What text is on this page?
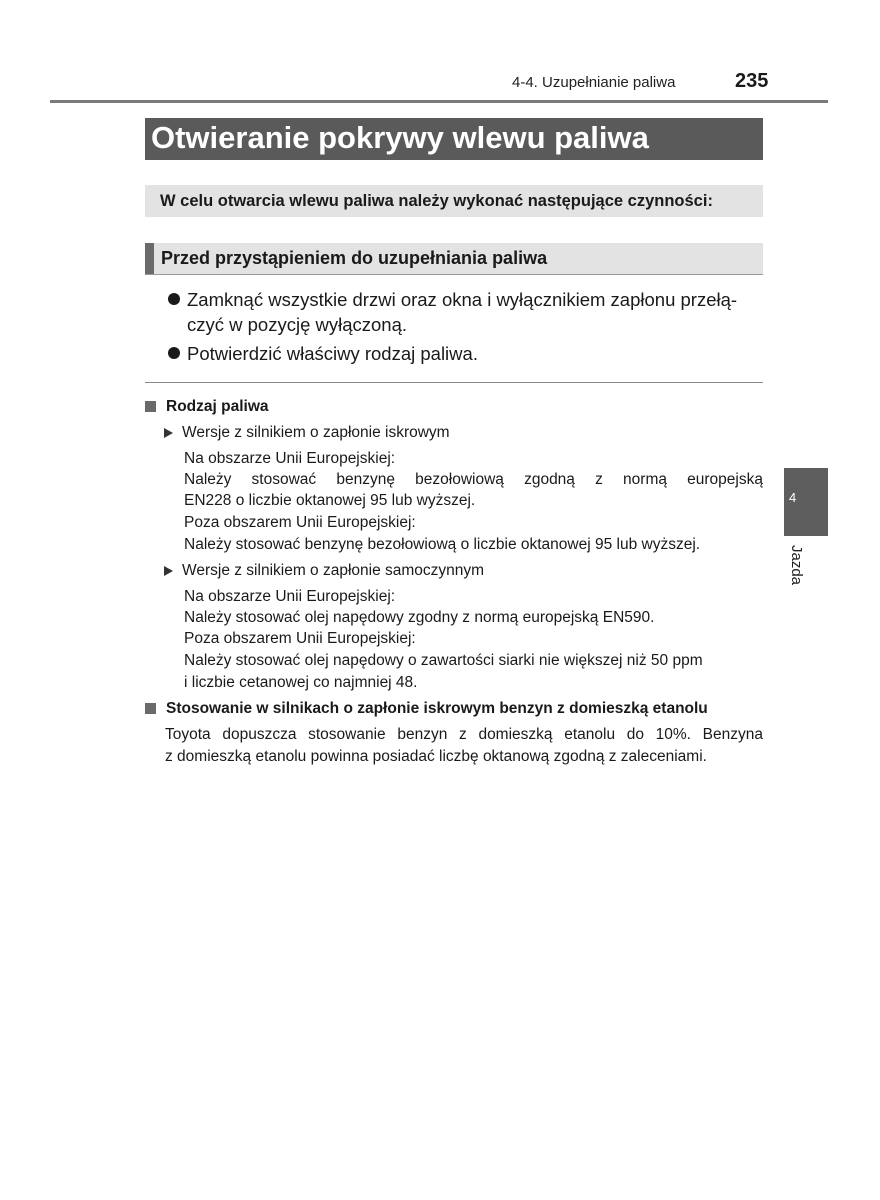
4-4. Uzupełnianie paliwa	235
Otwieranie pokrywy wlewu paliwa
W celu otwarcia wlewu paliwa należy wykonać następujące czynności:
Przed przystąpieniem do uzupełniania paliwa
Zamknąć wszystkie drzwi oraz okna i wyłącznikiem zapłonu przełą-
czyć w pozycję wyłączoną.
Potwierdzić właściwy rodzaj paliwa.
Rodzaj paliwa
Wersje z silnikiem o zapłonie iskrowym
Na obszarze Unii Europejskiej:
Należy stosować benzynę bezołowiową zgodną z normą europejską
EN228 o liczbie oktanowej 95 lub wyższej.
Poza obszarem Unii Europejskiej:
Należy stosować benzynę bezołowiową o liczbie oktanowej 95 lub wyższej.
Wersje z silnikiem o zapłonie samoczynnym
Na obszarze Unii Europejskiej:
Należy stosować olej napędowy zgodny z normą europejską EN590.
Poza obszarem Unii Europejskiej:
Należy stosować olej napędowy o zawartości siarki nie większej niż 50 ppm
i liczbie cetanowej co najmniej 48.
Stosowanie w silnikach o zapłonie iskrowym benzyn z domieszką etanolu
Toyota dopuszcza stosowanie benzyn z domieszką etanolu do 10%. Benzyna
z domieszką etanolu powinna posiadać liczbę oktanową zgodną z zaleceniami.
4
Jazda
